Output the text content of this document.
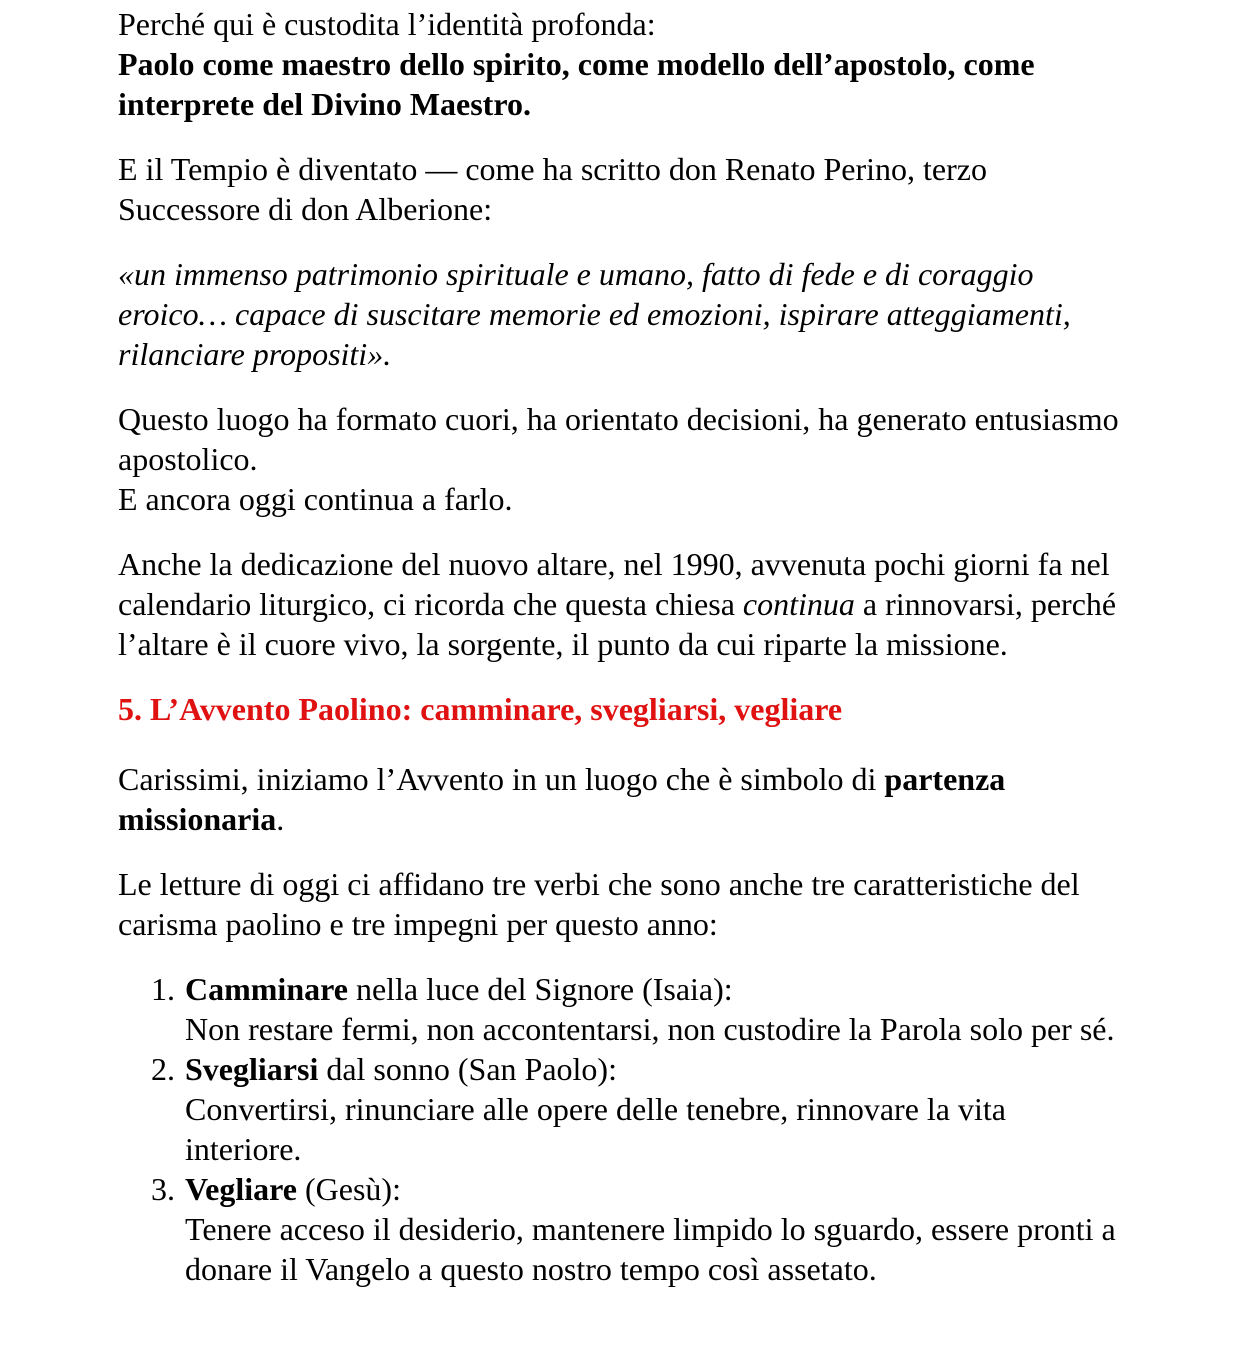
Perché qui è custodita l’identità profonda:
Paolo come maestro dello spirito, come modello dell’apostolo, come interprete del Divino Maestro.

E il Tempio è diventato — come ha scritto don Renato Perino, terzo Successore di don Alberione:

«un immenso patrimonio spirituale e umano, fatto di fede e di coraggio eroico… capace di suscitare memorie ed emozioni, ispirare atteggiamenti, rilanciare propositi».

Questo luogo ha formato cuori, ha orientato decisioni, ha generato entusiasmo apostolico.
E ancora oggi continua a farlo.

Anche la dedicazione del nuovo altare, nel 1990, avvenuta pochi giorni fa nel calendario liturgico, ci ricorda che questa chiesa continua a rinnovarsi, perché l’altare è il cuore vivo, la sorgente, il punto da cui riparte la missione.

5. L’Avvento Paolino: camminare, svegliarsi, vegliare

Carissimi, iniziamo l’Avvento in un luogo che è simbolo di partenza missionaria.

Le letture di oggi ci affidano tre verbi che sono anche tre caratteristiche del carisma paolino e tre impegni per questo anno:

1. Camminare nella luce del Signore (Isaia):
Non restare fermi, non accontentarsi, non custodire la Parola solo per sé.
2. Svegliarsi dal sonno (San Paolo):
Convertirsi, rinunciare alle opere delle tenebre, rinnovare la vita interiore.
3. Vegliare (Gesù):
Tenere acceso il desiderio, mantenere limpido lo sguardo, essere pronti a donare il Vangelo a questo nostro tempo così assetato.
